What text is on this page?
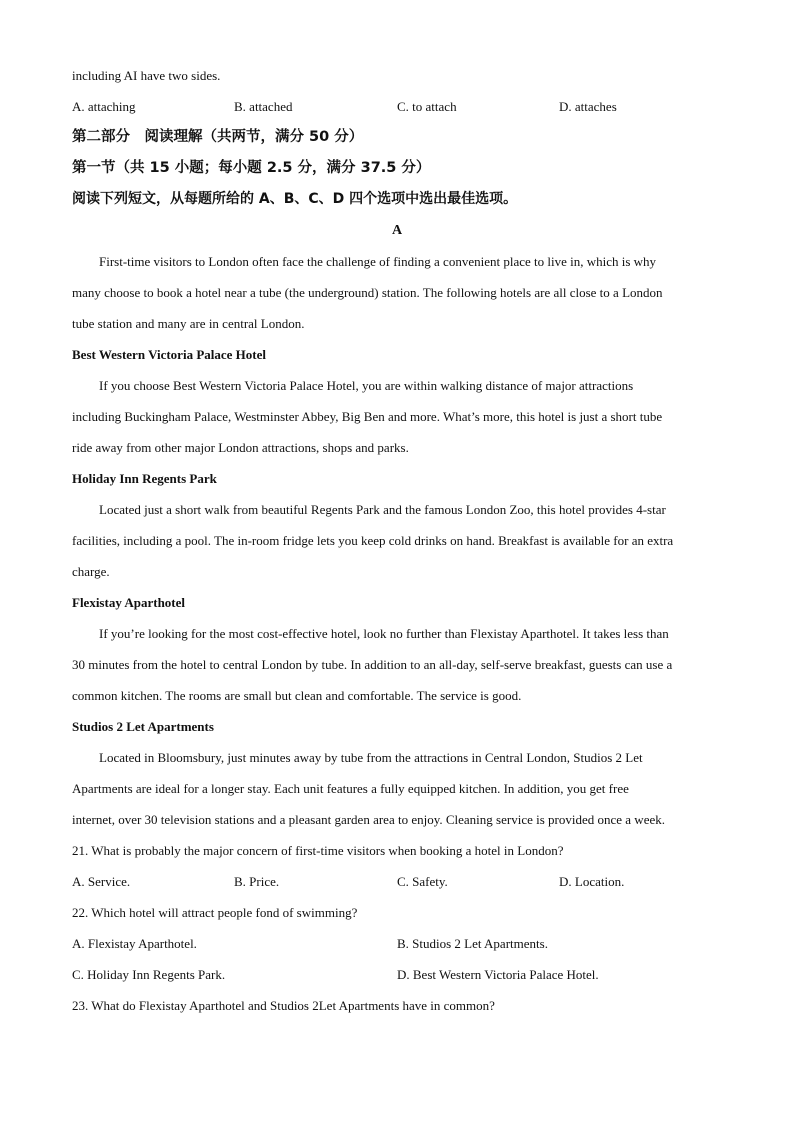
including AI have two sides.
A. attaching	B. attached	C. to attach	D. attaches
第二部分　阅读理解（共两节，满分 50 分）
第一节（共 15 小题；每小题 2.5 分，满分 37.5 分）
阅读下列短文，从每题所给的 A、B、C、D 四个选项中选出最佳选项。
A
First-time visitors to London often face the challenge of finding a convenient place to live in, which is why
many choose to book a hotel near a tube (the underground) station. The following hotels are all close to a London
tube station and many are in central London.
Best Western Victoria Palace Hotel
If you choose Best Western Victoria Palace Hotel, you are within walking distance of major attractions
including Buckingham Palace, Westminster Abbey, Big Ben and more. What’s more, this hotel is just a short tube
ride away from other major London attractions, shops and parks.
Holiday Inn Regents Park
Located just a short walk from beautiful Regents Park and the famous London Zoo, this hotel provides 4-star
facilities, including a pool. The in-room fridge lets you keep cold drinks on hand. Breakfast is available for an extra
charge.
Flexistay Aparthotel
If you’re looking for the most cost-effective hotel, look no further than Flexistay Aparthotel. It takes less than
30 minutes from the hotel to central London by tube. In addition to an all-day, self-serve breakfast, guests can use a
common kitchen. The rooms are small but clean and comfortable. The service is good.
Studios 2 Let Apartments
Located in Bloomsbury, just minutes away by tube from the attractions in Central London, Studios 2 Let
Apartments are ideal for a longer stay. Each unit features a fully equipped kitchen. In addition, you get free
internet, over 30 television stations and a pleasant garden area to enjoy. Cleaning service is provided once a week.
21. What is probably the major concern of first-time visitors when booking a hotel in London?
A. Service.	B. Price.	C. Safety.	D. Location.
22. Which hotel will attract people fond of swimming?
A. Flexistay Aparthotel.	B. Studios 2 Let Apartments.
C. Holiday Inn Regents Park.	D. Best Western Victoria Palace Hotel.
23. What do Flexistay Aparthotel and Studios 2Let Apartments have in common?
